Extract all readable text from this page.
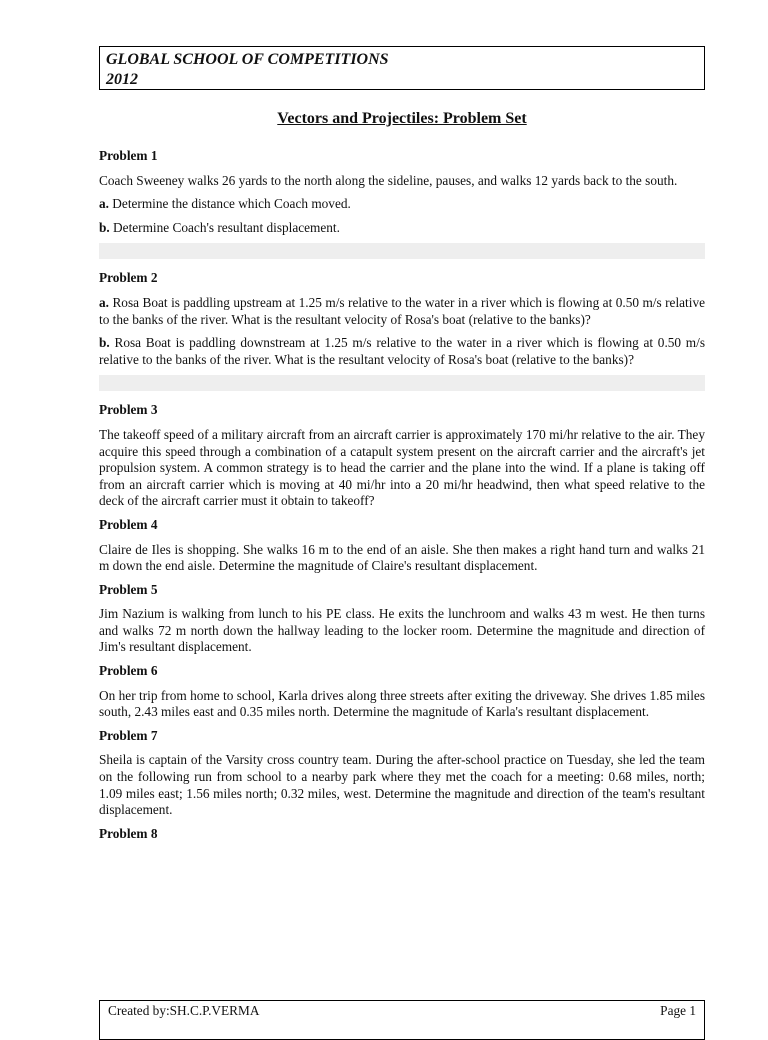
GLOBAL SCHOOL OF COMPETITIONS
2012
Vectors and Projectiles: Problem Set
Problem 1
Coach Sweeney walks 26 yards to the north along the sideline, pauses, and walks 12 yards back to the south.
a. Determine the distance which Coach moved.
b. Determine Coach's resultant displacement.
Problem 2
a. Rosa Boat is paddling upstream at 1.25 m/s relative to the water in a river which is flowing at 0.50 m/s relative to the banks of the river. What is the resultant velocity of Rosa's boat (relative to the banks)?
b. Rosa Boat is paddling downstream at 1.25 m/s relative to the water in a river which is flowing at 0.50 m/s relative to the banks of the river. What is the resultant velocity of Rosa's boat (relative to the banks)?
Problem 3
The takeoff speed of a military aircraft from an aircraft carrier is approximately 170 mi/hr relative to the air. They acquire this speed through a combination of a catapult system present on the aircraft carrier and the aircraft's jet propulsion system. A common strategy is to head the carrier and the plane into the wind. If a plane is taking off from an aircraft carrier which is moving at 40 mi/hr into a 20 mi/hr headwind, then what speed relative to the deck of the aircraft carrier must it obtain to takeoff?
Problem 4
Claire de Iles is shopping. She walks 16 m to the end of an aisle. She then makes a right hand turn and walks 21 m down the end aisle. Determine the magnitude of Claire's resultant displacement.
Problem 5
Jim Nazium is walking from lunch to his PE class. He exits the lunchroom and walks 43 m west. He then turns and walks 72 m north down the hallway leading to the locker room. Determine the magnitude and direction of Jim's resultant displacement.
Problem 6
On her trip from home to school, Karla drives along three streets after exiting the driveway. She drives 1.85 miles south, 2.43 miles east and 0.35 miles north. Determine the magnitude of Karla's resultant displacement.
Problem 7
Sheila is captain of the Varsity cross country team. During the after-school practice on Tuesday, she led the team on the following run from school to a nearby park where they met the coach for a meeting: 0.68 miles, north; 1.09 miles east; 1.56 miles north; 0.32 miles, west. Determine the magnitude and direction of the team's resultant displacement.
Problem 8
Created by:SH.C.P.VERMA	Page 1
